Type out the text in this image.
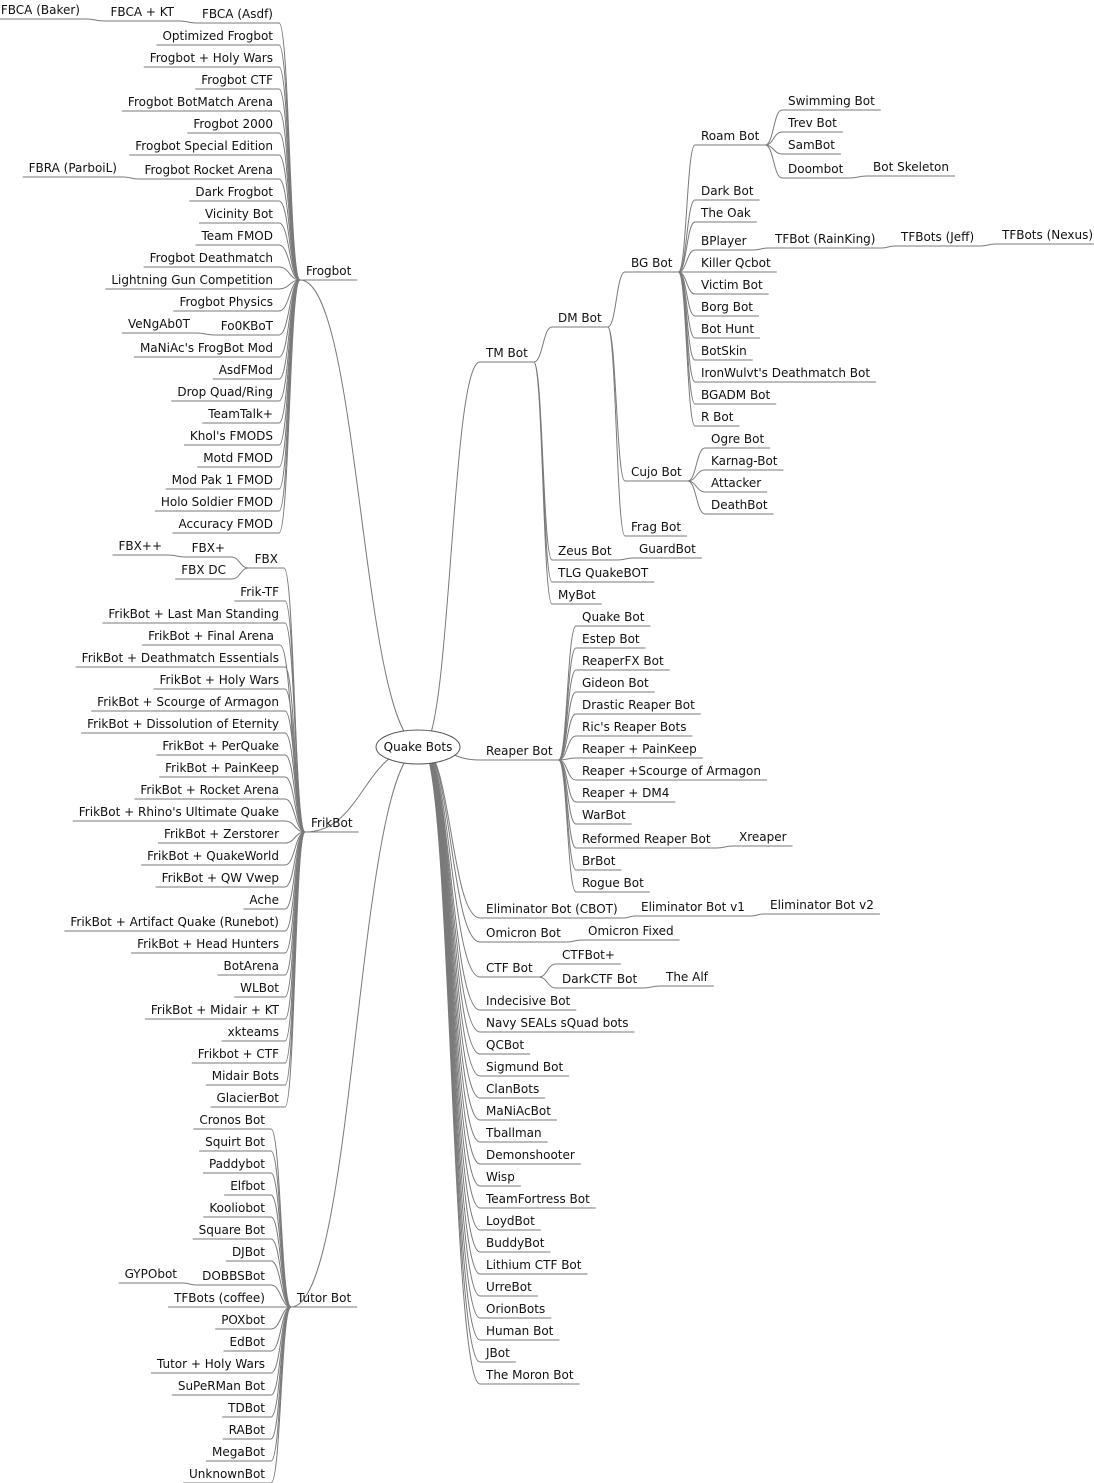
Frogbot
FBCA (Asdf)
FBCA + KT
FBCA (Baker)
Optimized Frogbot
Frogbot + Holy Wars
Frogbot CTF
Frogbot BotMatch Arena
Frogbot 2000
Frogbot Special Edition
Frogbot Rocket Arena
FBRA (ParboiL)
Dark Frogbot
Vicinity Bot
Team FMOD
Frogbot Deathmatch
Lightning Gun Competition
Frogbot Physics
Fo0KBoT
VeNgAb0T
MaNiAc's FrogBot Mod
AsdFMod
Drop Quad/Ring
TeamTalk+
Khol's FMODS
Motd FMOD
Mod Pak 1 FMOD
Holo Soldier FMOD
Accuracy FMOD
FrikBot
FBX
FBX+
FBX++
FBX DC
Frik-TF
FrikBot + Last Man Standing
FrikBot + Final Arena
FrikBot + Deathmatch Essentials
FrikBot + Holy Wars
FrikBot + Scourge of Armagon
FrikBot + Dissolution of Eternity
FrikBot + PerQuake
FrikBot + PainKeep
FrikBot + Rocket Arena
FrikBot + Rhino's Ultimate Quake
FrikBot + Zerstorer
FrikBot + QuakeWorld
FrikBot + QW Vwep
Ache
FrikBot + Artifact Quake (Runebot)
FrikBot + Head Hunters
BotArena
WLBot
FrikBot + Midair + KT
xkteams
Frikbot + CTF
Midair Bots
GlacierBot
Tutor Bot
Cronos Bot
Squirt Bot
Paddybot
Elfbot
Kooliobot
Square Bot
DJBot
DOBBSBot
GYPObot
TFBots (coffee)
POXbot
EdBot
Tutor + Holy Wars
SuPeRMan Bot
TDBot
RABot
MegaBot
UnknownBot
TM Bot
DM Bot
BG Bot
Roam Bot
Swimming Bot
Trev Bot
SamBot
Doombot Bot Skeleton
Dark Bot
The Oak
BPlayer TFBot (RainKing) TFBots (Jeff) TFBots (Nexus)
Killer Qcbot
Victim Bot
Borg Bot
Bot Hunt
BotSkin
IronWulvt's Deathmatch Bot
BGADM Bot
R Bot
Cujo Bot
Ogre Bot
Karnag-Bot
Attacker
DeathBot
Frag Bot
Zeus Bot GuardBot
TLG QuakeBOT
MyBot
Reaper Bot
Quake Bot
Estep Bot
ReaperFX Bot
Gideon Bot
Drastic Reaper Bot
Ric's Reaper Bots
Reaper + PainKeep
Reaper +Scourge of Armagon
Reaper + DM4
WarBot
Reformed Reaper Bot Xreaper
BrBot
Rogue Bot
Eliminator Bot (CBOT) Eliminator Bot v1 Eliminator Bot v2
Omicron Bot Omicron Fixed
CTF Bot
CTFBot+
DarkCTF Bot The Alf
Indecisive Bot
Navy SEALs sQuad bots
QCBot
Sigmund Bot
ClanBots
MaNiAcBot
Tballman
Demonshooter
Wisp
TeamFortress Bot
LoydBot
BuddyBot
Lithium CTF Bot
UrreBot
OrionBots
Human Bot
JBot
The Moron Bot
Quake Bots
